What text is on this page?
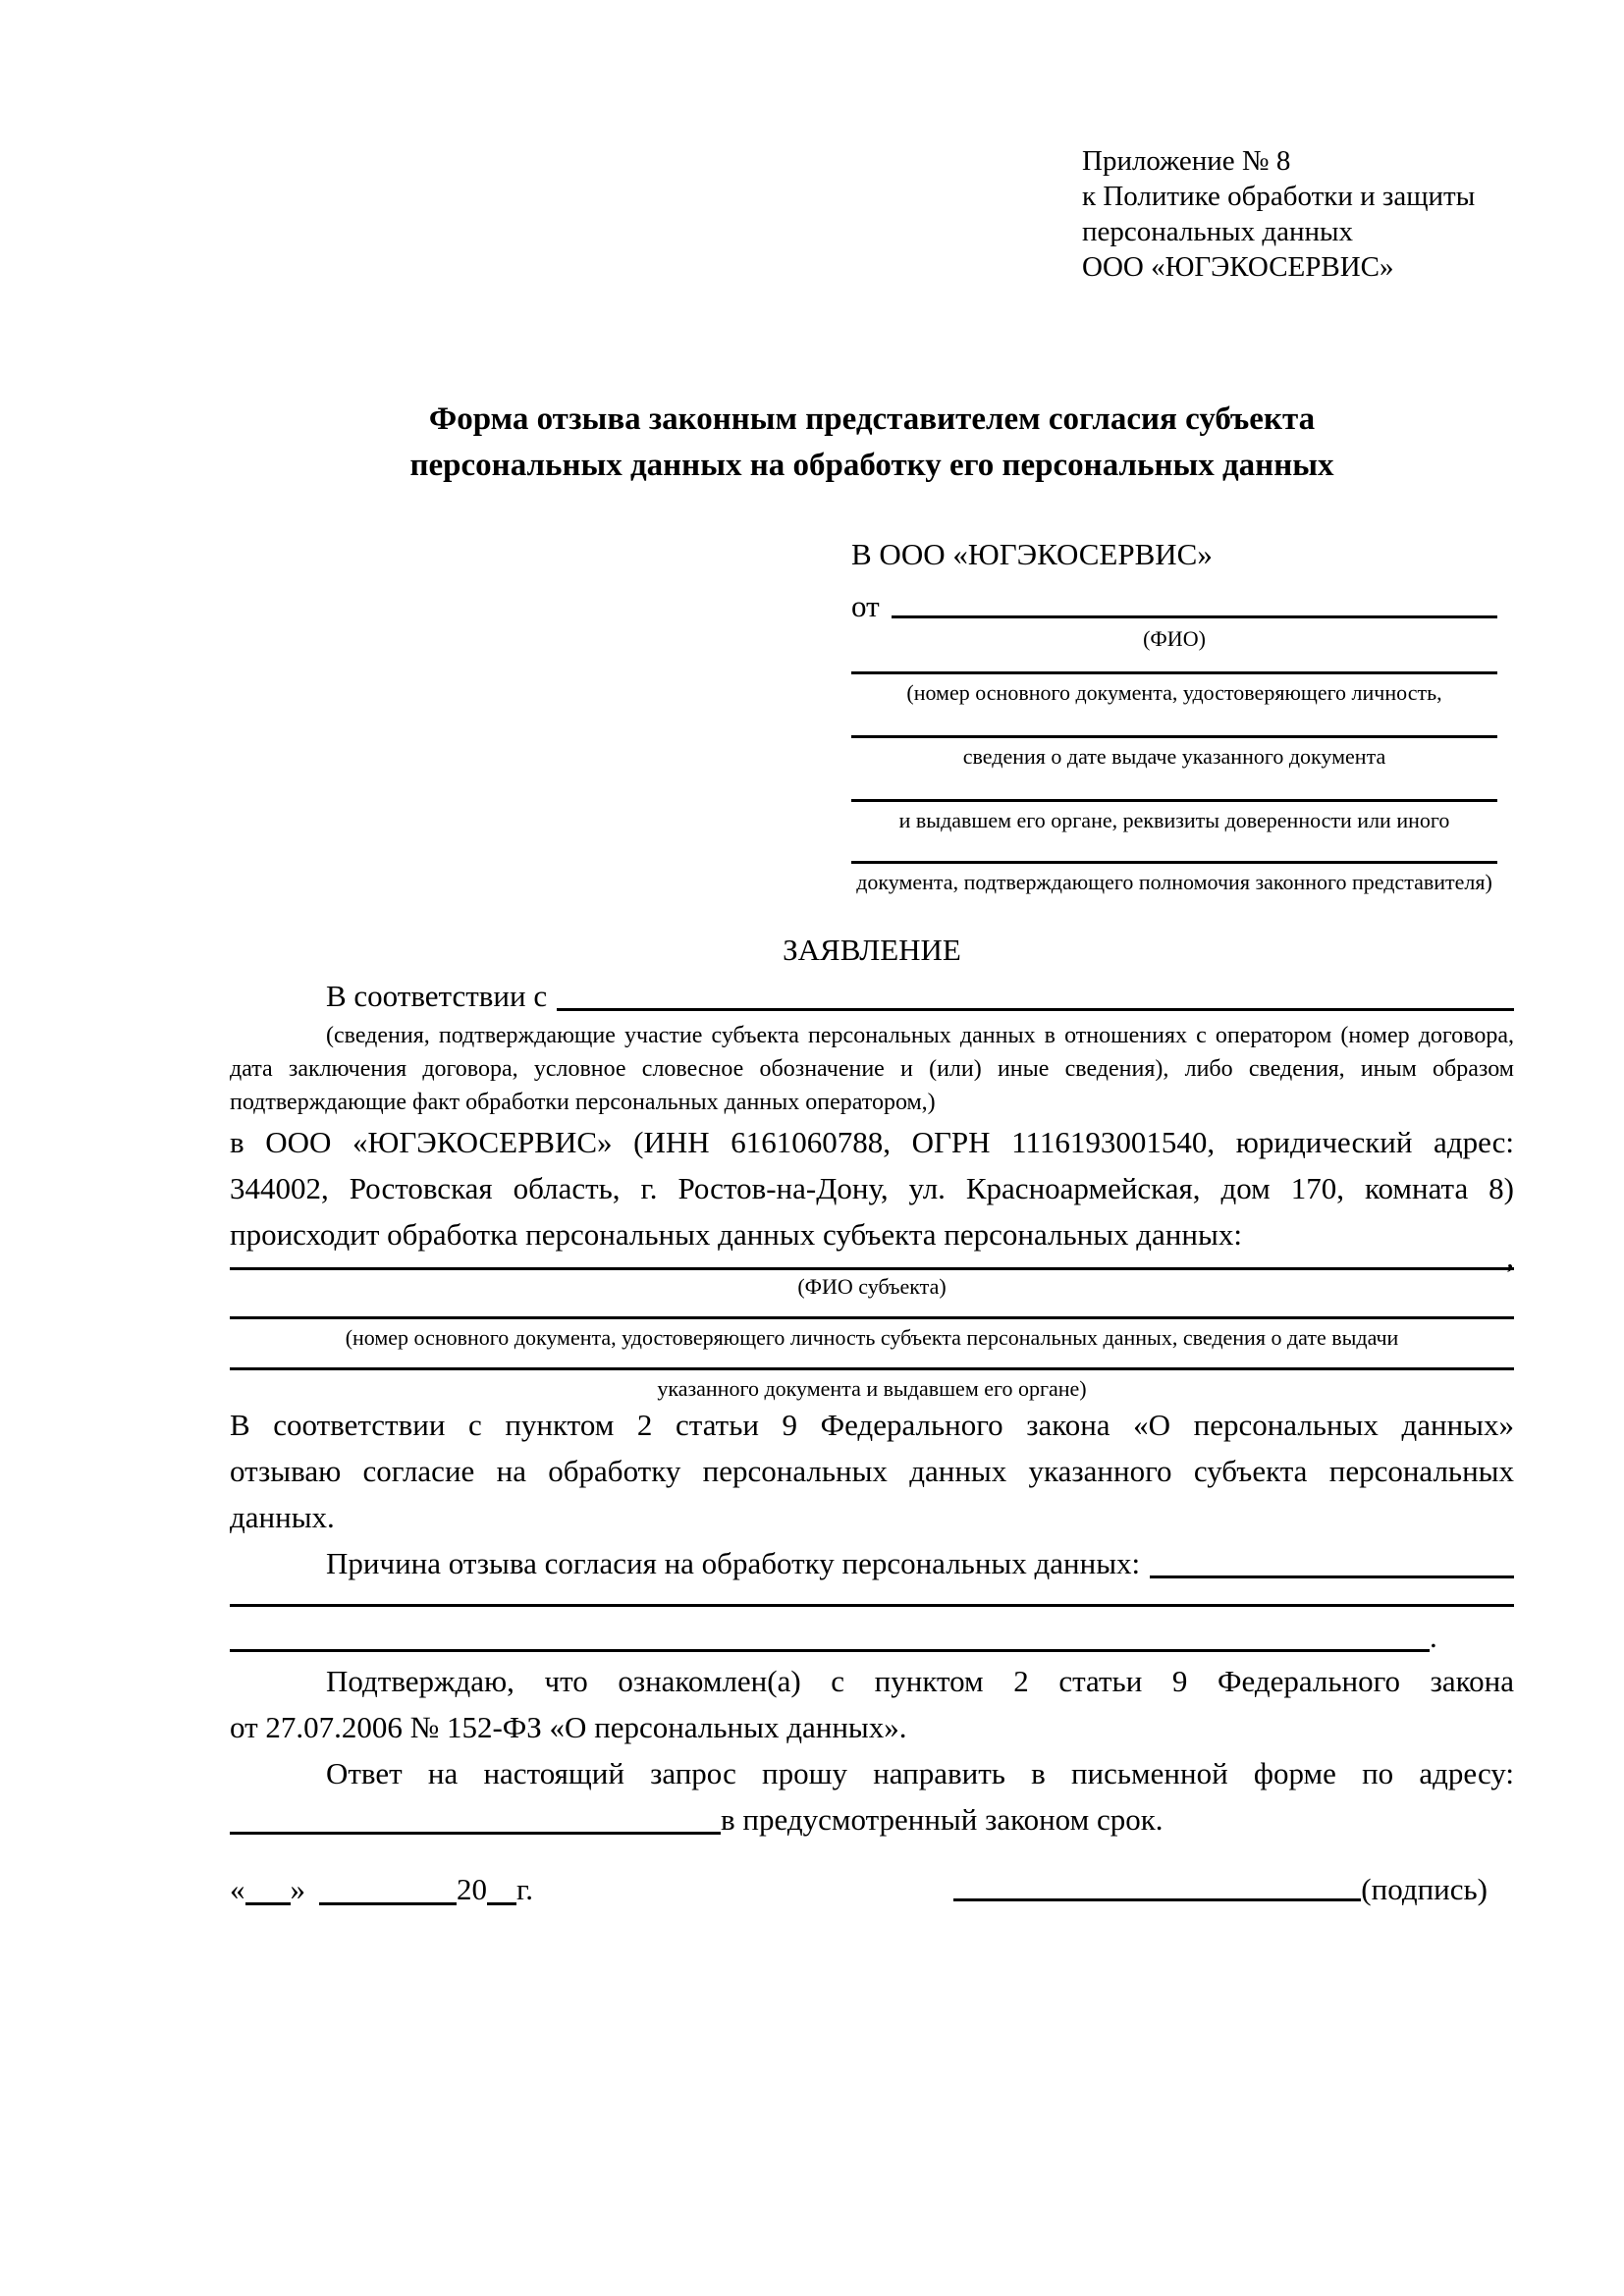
Приложение № 8
к Политике обработки и защиты
персональных данных
ООО «ЮГЭКОСЕРВИС»
Форма отзыва законным представителем согласия субъекта
персональных данных на обработку его персональных данных
В ООО «ЮГЭКОСЕРВИС»
от
(ФИО)
(номер основного документа, удостоверяющего личность,
сведения о дате выдаче указанного документа
и выдавшем его органе, реквизиты доверенности или иного
документа, подтверждающего полномочия законного представителя)
ЗАЯВЛЕНИЕ
В соответствии с
(сведения, подтверждающие участие субъекта персональных данных в отношениях с оператором (номер договора, дата заключения договора, условное словесное обозначение и (или) иные сведения), либо сведения, иным образом подтверждающие факт обработки персональных данных оператором,)
в ООО «ЮГЭКОСЕРВИС» (ИНН 6161060788, ОГРН 1116193001540, юридический адрес:
344002, Ростовская область, г. Ростов-на-Дону, ул. Красноармейская, дом 170, комната 8)
происходит обработка персональных данных субъекта персональных данных:
,
(ФИО субъекта)
(номер основного документа, удостоверяющего личность субъекта персональных данных, сведения о дате выдачи
указанного документа и выдавшем его органе)
В соответствии с пунктом 2 статьи 9 Федерального закона «О персональных данных»
отзываю согласие на обработку персональных данных указанного субъекта персональных
данных.
Причина отзыва согласия на обработку персональных данных:
.
Подтверждаю, что ознакомлен(а) с пунктом 2 статьи 9 Федерального закона
от 27.07.2006 № 152-ФЗ «О персональных данных».
Ответ на настоящий запрос прошу направить в письменной форме по адресу:
в предусмотренный законом срок.
« »	20 г.	(подпись)
